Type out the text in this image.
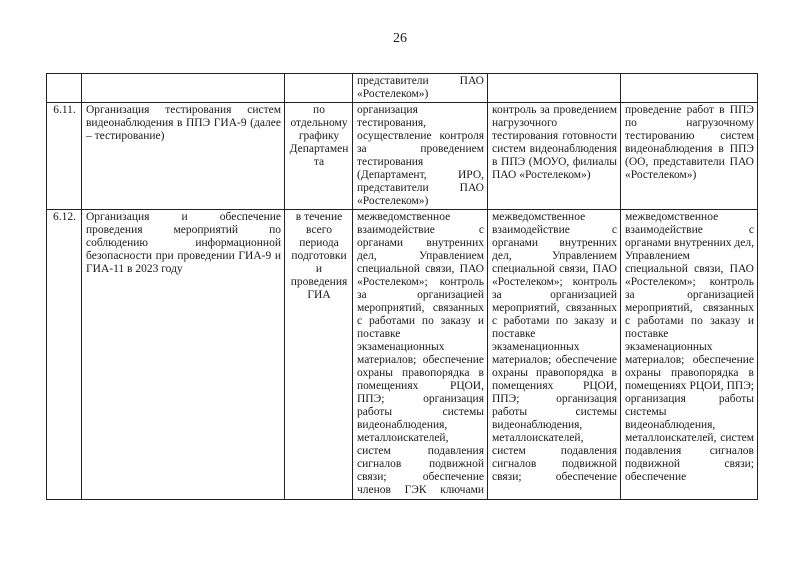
26
			представители ПАО «Ростелеком»)		
6.11.	Организация тестирования систем видеонаблюдения в ППЭ ГИА-9 (далее – тестирование)	по отдельному графику Департамента	организация тестирования, осуществление контроля за проведением тестирования (Департамент, ИРО, представители ПАО «Ростелеком»)	контроль за проведением нагрузочного тестирования готовности систем видеонаблюдения в ППЭ (МОУО, филиалы ПАО «Ростелеком»)	проведение работ в ППЭ по нагрузочному тестированию систем видеонаблюдения в ППЭ (ОО, представители ПАО «Ростелеком»)
6.12.	Организация и обеспечение проведения мероприятий по соблюдению информационной безопасности при проведении ГИА-9 и ГИА-11 в 2023 году	в течение всего периода подготовки и проведения ГИА	межведомственное взаимодействие с органами внутренних дел, Управлением специальной связи, ПАО «Ростелеком»; контроль за организацией мероприятий, связанных с работами по заказу и поставке экзаменационных материалов; обеспечение охраны правопорядка в помещениях РЦОИ, ППЭ; организация работы системы видеонаблюдения, металлоискателей, систем подавления сигналов подвижной связи; обеспечение членов ГЭК ключами	межведомственное взаимодействие с органами внутренних дел, Управлением специальной связи, ПАО «Ростелеком»; контроль за организацией мероприятий, связанных с работами по заказу и поставке экзаменационных материалов; обеспечение охраны правопорядка в помещениях РЦОИ, ППЭ; организация работы системы видеонаблюдения, металлоискателей, систем подавления сигналов подвижной связи; обеспечение	межведомственное взаимодействие с органами внутренних дел, Управлением специальной связи, ПАО «Ростелеком»; контроль за организацией мероприятий, связанных с работами по заказу и поставке экзаменационных материалов; обеспечение охраны правопорядка в помещениях РЦОИ, ППЭ; организация работы системы видеонаблюдения, металлоискателей, систем подавления сигналов подвижной связи; обеспечение
